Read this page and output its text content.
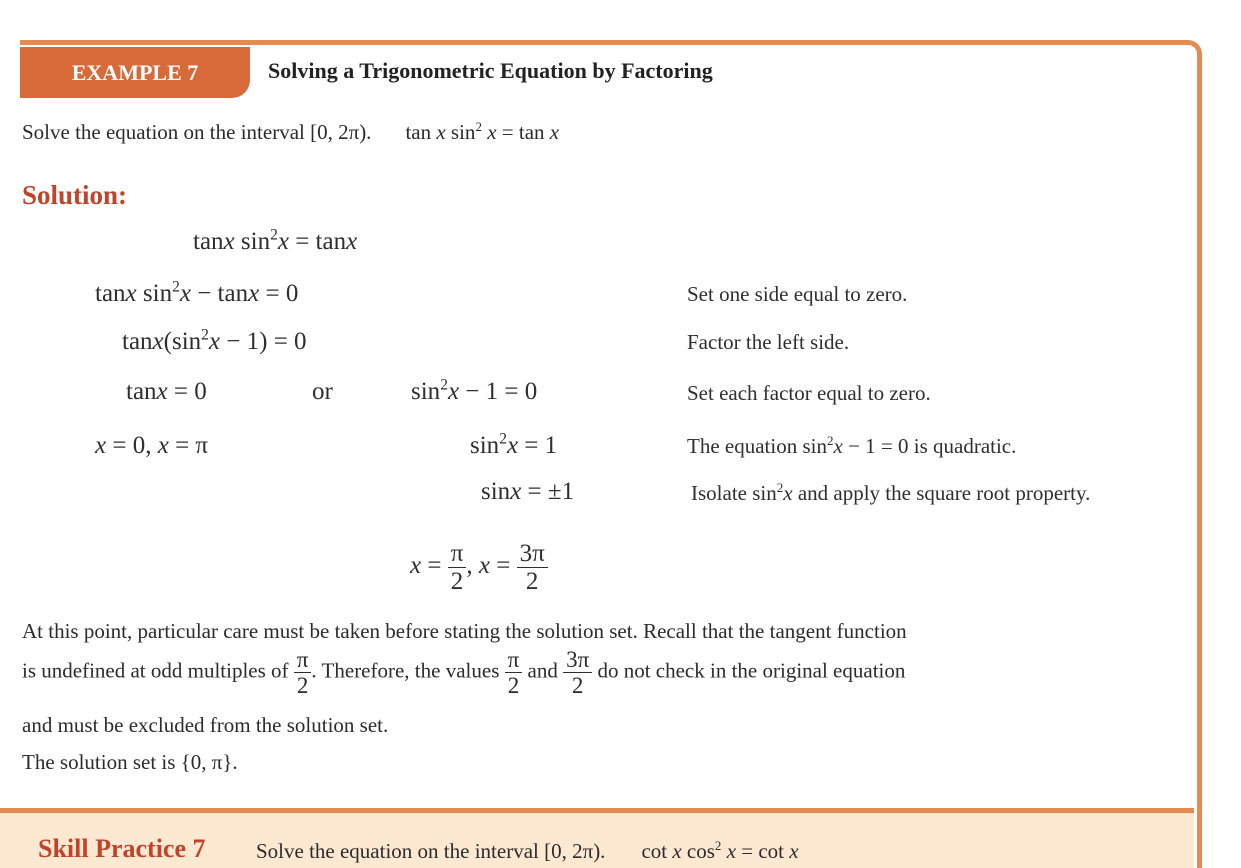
EXAMPLE 7	Solving a Trigonometric Equation by Factoring
Solve the equation on the interval [0, 2π). tan x $\sin^2 x = \tan x$
Solution:
tanx $\sin^2x = \tan x$
tanx $\sin^2x - \tan x = 0$	Set one side equal to zero.
$\tan x(\sin^2x - 1) = 0$	Factor the left side.
tanx = 0	or	$\sin^2x - 1 = 0$	Set each factor equal to zero.
x = 0, x = π	$\sin^2x = 1$	The equation $\sin^2x - 1 = 0$ is quadratic.
sinx = ±1	Isolate $\sin^2x$ and apply the square root property.
$x = \frac{\pi}{2}$ , $x = \frac{3\pi}{2}$
At this point, particular care must be taken before stating the solution set. Recall that the tangent function
is undefined at odd multiples of $\frac{\pi}{2}$ . Therefore, the values $\frac{\pi}{2}$ and $\frac{3\pi}{2}$ do not check in the original equation
and must be excluded from the solution set.
The solution set is {0, π}.
Skill Practice 7 Solve the equation on the interval [0, 2π). cot x $\cos^2 x = \cot x$
